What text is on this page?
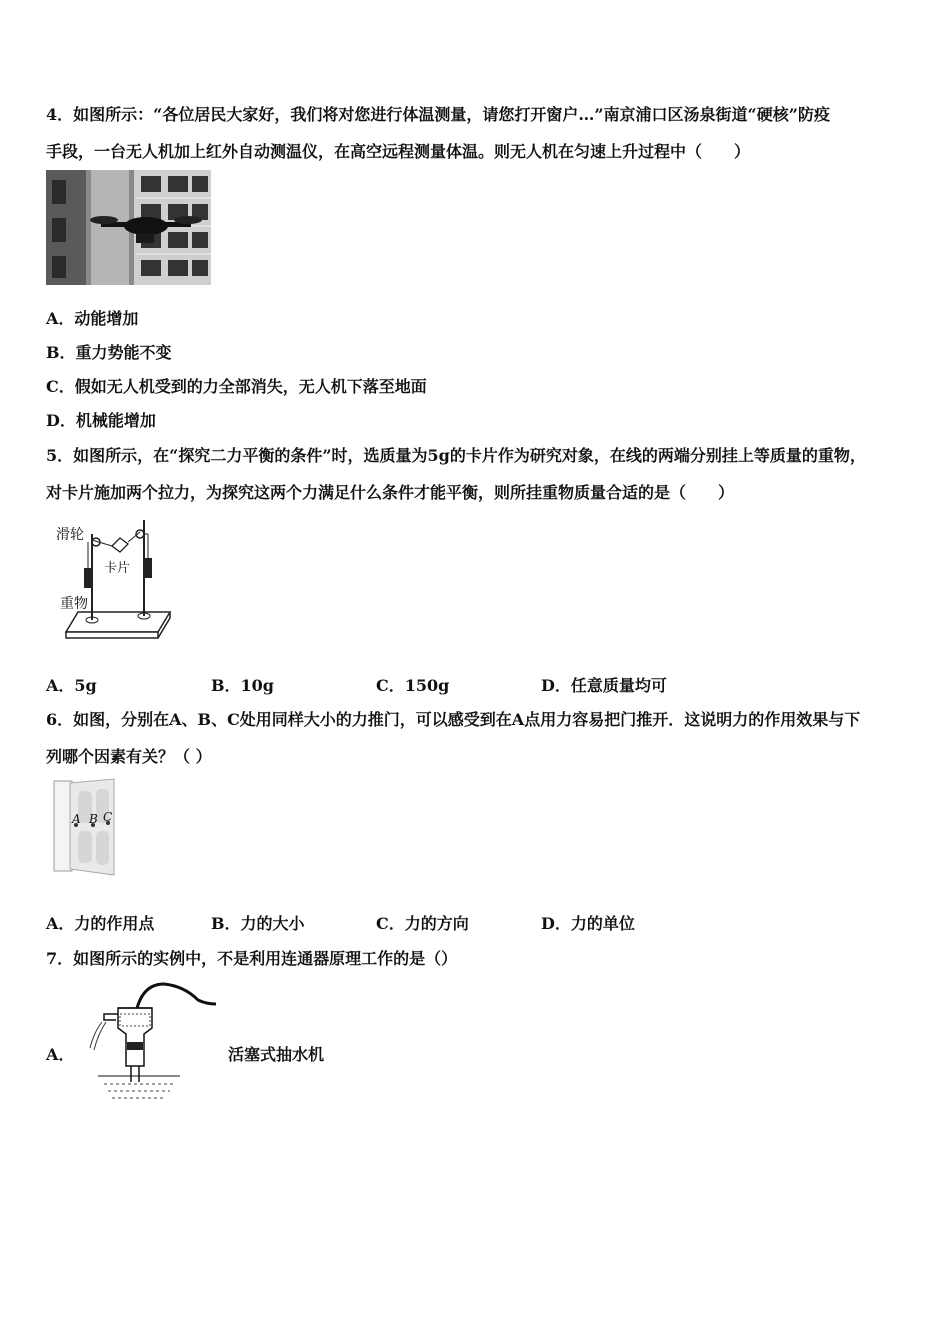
4．如图所示：“各位居民大家好，我们将对您进行体温测量，请您打开窗户…”南京浦口区汤泉街道“硬核”防疫
手段，一台无人机加上红外自动测温仪，在高空远程测量体温。则无人机在匀速上升过程中（　　）
A．动能增加
B．重力势能不变
C．假如无人机受到的力全部消失，无人机下落至地面
D．机械能增加
5．如图所示，在“探究二力平衡的条件”时，选质量为5g的卡片作为研究对象，在线的两端分别挂上等质量的重物，
对卡片施加两个拉力，为探究这两个力满足什么条件才能平衡，则所挂重物质量合适的是（　　）
滑轮
卡片
重物
A．5g	B．10g	C．150g	D．任意质量均可
6．如图，分别在A、B、C处用同样大小的力推门，可以感受到在A点用力容易把门推开．这说明力的作用效果与下
列哪个因素有关？（ ）
A B C
A．力的作用点	B．力的大小	C．力的方向	D．力的单位
7．如图所示的实例中，不是利用连通器原理工作的是（）
A．	活塞式抽水机
